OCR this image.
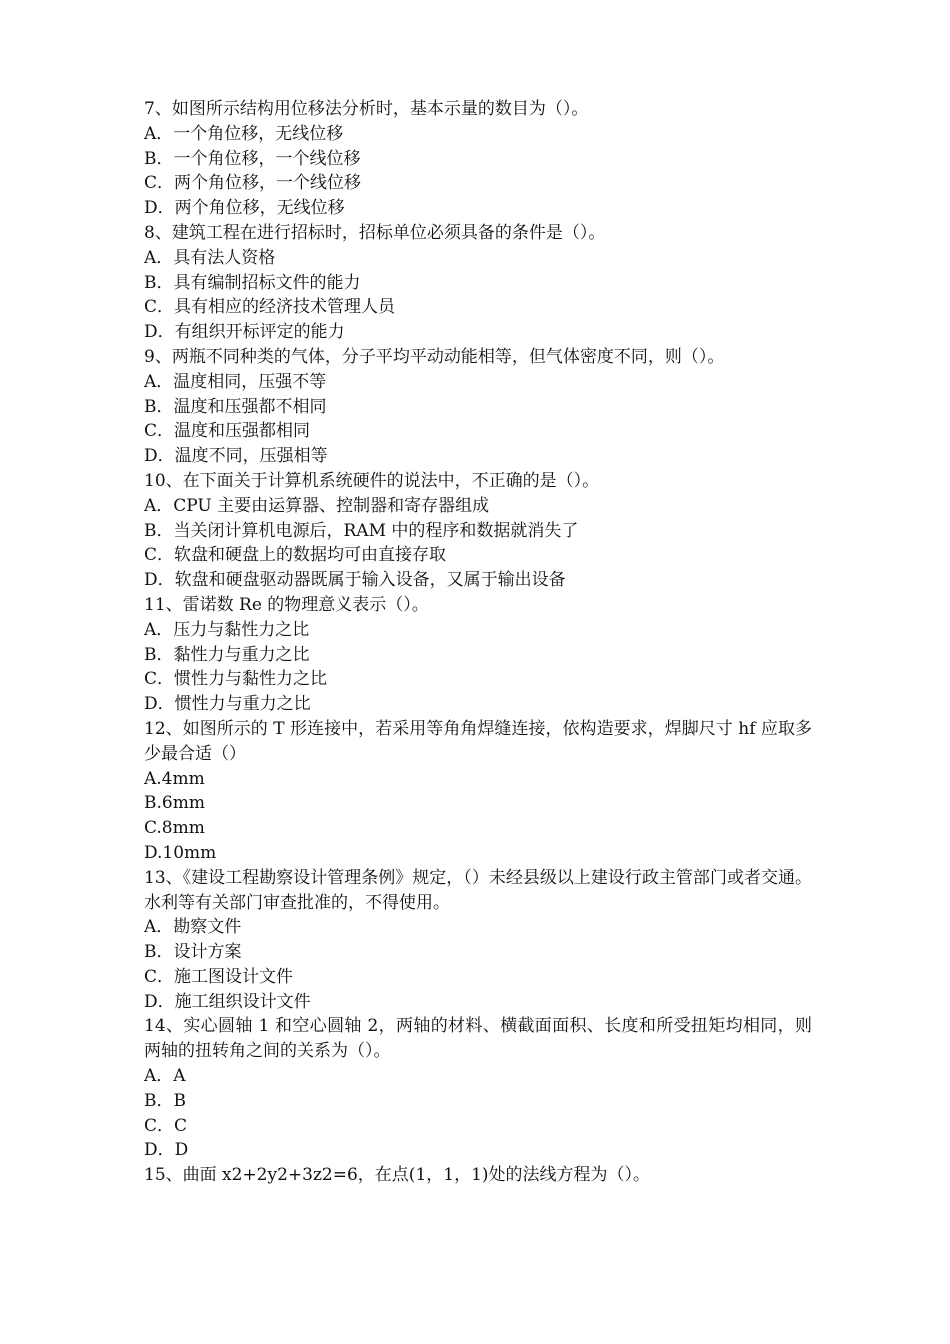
7、如图所示结构用位移法分析时，基本示量的数目为（）。
A．一个角位移，无线位移
B．一个角位移，一个线位移
C．两个角位移，一个线位移
D．两个角位移，无线位移
8、建筑工程在进行招标时，招标单位必须具备的条件是（）。
A．具有法人资格
B．具有编制招标文件的能力
C．具有相应的经济技术管理人员
D．有组织开标评定的能力
9、两瓶不同种类的气体，分子平均平动动能相等，但气体密度不同，则（）。
A．温度相同，压强不等
B．温度和压强都不相同
C．温度和压强都相同
D．温度不同，压强相等
10、在下面关于计算机系统硬件的说法中，不正确的是（）。
A．CPU 主要由运算器、控制器和寄存器组成
B．当关闭计算机电源后，RAM 中的程序和数据就消失了
C．软盘和硬盘上的数据均可由直接存取
D．软盘和硬盘驱动器既属于输入设备，又属于输出设备
11、雷诺数 Re 的物理意义表示（）。
A．压力与黏性力之比
B．黏性力与重力之比
C．惯性力与黏性力之比
D．惯性力与重力之比
12、如图所示的 T 形连接中，若采用等角角焊缝连接，依构造要求，焊脚尺寸 hf 应取多少最合适（）
A.4mm
B.6mm
C.8mm
D.10mm
13、《建设工程勘察设计管理条例》规定，（）未经县级以上建设行政主管部门或者交通。水利等有关部门审查批准的，不得使用。
A．勘察文件
B．设计方案
C．施工图设计文件
D．施工组织设计文件
14、实心圆轴 1 和空心圆轴 2，两轴的材料、横截面面积、长度和所受扭矩均相同，则两轴的扭转角之间的关系为（）。
A．A
B．B
C．C
D．D
15、曲面 x2+2y2+3z2=6，在点(1，1，1)处的法线方程为（）。
